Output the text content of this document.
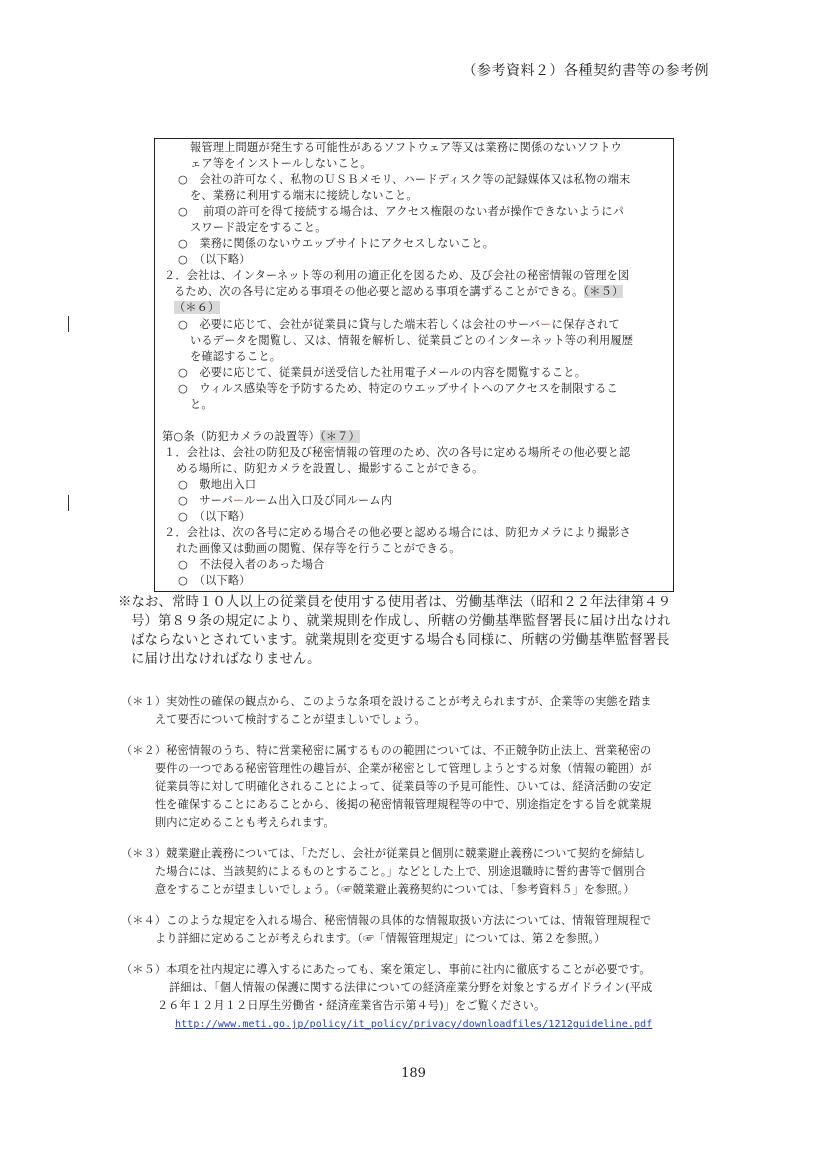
（参考資料２）各種契約書等の参考例
報管理上問題が発生する可能性があるソフトウェア等又は業務に関係のないソフトウ
ェア等をインストールしないこと。
○　会社の許可なく、私物のＵＳＢメモリ、ハードディスク等の記録媒体又は私物の端末
を、業務に利用する端末に接続しないこと。
○　 前項の許可を得て接続する場合は、アクセス権限のない者が操作できないようにパ
スワード設定をすること。
○　業務に関係のないウエッブサイトにアクセスしないこと。
○　（以下略）
２．会社は、インターネット等の利用の適正化を図るため、及び会社の秘密情報の管理を図
るため、次の各号に定める事項その他必要と認める事項を講ずることができる。（＊５）
（＊６）
○　必要に応じて、会社が従業員に貸与した端末若しくは会社のサーバーに保存されて
いるデータを閲覧し、又は、情報を解析し、従業員ごとのインターネット等の利用履歴
を確認すること。
○　必要に応じて、従業員が送受信した社用電子メールの内容を閲覧すること。
○　ウィルス感染等を予防するため、特定のウエッブサイトへのアクセスを制限するこ
と。
第○条（防犯カメラの設置等）（＊７）
１．会社は、会社の防犯及び秘密情報の管理のため、次の各号に定める場所その他必要と認
める場所に、防犯カメラを設置し、撮影することができる。
○　敷地出入口
○　サーバールーム出入口及び同ルーム内
○　（以下略）
２．会社は、次の各号に定める場合その他必要と認める場合には、防犯カメラにより撮影さ
れた画像又は動画の閲覧、保存等を行うことができる。
○　不法侵入者のあった場合
○　（以下略）
※なお、常時１０人以上の従業員を使用する使用者は、労働基準法（昭和２２年法律第４９
号）第８９条の規定により、就業規則を作成し、所轄の労働基準監督署長に届け出なけれ
ばならないとされています。就業規則を変更する場合も同様に、所轄の労働基準監督署長
に届け出なければなりません。
（＊１）実効性の確保の観点から、このような条項を設けることが考えられますが、企業等の実態を踏ま
えて要否について検討することが望ましいでしょう。
（＊２）秘密情報のうち、特に営業秘密に属するものの範囲については、不正競争防止法上、営業秘密の
要件の一つである秘密管理性の趣旨が、企業が秘密として管理しようとする対象（情報の範囲）が
従業員等に対して明確化されることによって、従業員等の予見可能性、ひいては、経済活動の安定
性を確保することにあることから、後掲の秘密情報管理規程等の中で、別途指定をする旨を就業規
則内に定めることも考えられます。
（＊３）競業避止義務については、「ただし、会社が従業員と個別に競業避止義務について契約を締結し
た場合には、当該契約によるものとすること。」などとした上で、別途退職時に誓約書等で個別合
意をすることが望ましいでしょう。（☞競業避止義務契約については、「参考資料５」を参照。）
（＊４）このような規定を入れる場合、秘密情報の具体的な情報取扱い方法については、情報管理規程で
より詳細に定めることが考えられます。（☞「情報管理規定」については、第２を参照。）
（＊５）本項を社内規定に導入するにあたっても、案を策定し、事前に社内に徹底することが必要です。
詳細は、「個人情報の保護に関する法律についての経済産業分野を対象とするガイドライン(平成
２６年１２月１２日厚生労働省・経済産業省告示第４号)」をご覧ください。
http://www.meti.go.jp/policy/it_policy/privacy/downloadfiles/1212guideline.pdf
189
